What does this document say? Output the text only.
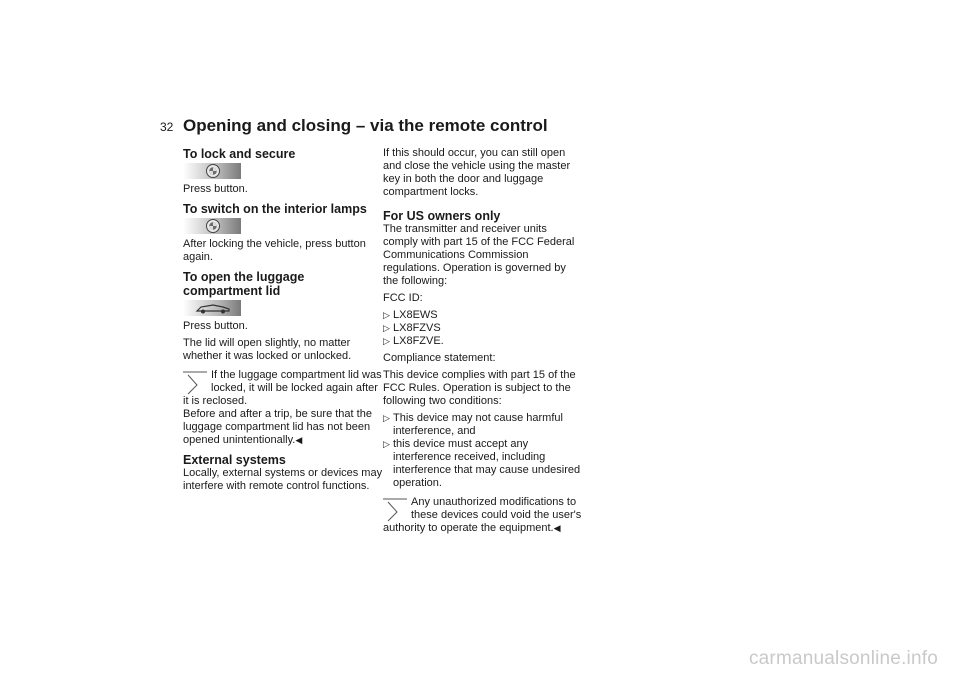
32 Opening and closing – via the remote control
To lock and secure

Press button.

To switch on the interior lamps

After locking the vehicle, press button again.

To open the luggage compartment lid

Press button.

The lid will open slightly, no matter whether it was locked or unlocked.

If the luggage compartment lid was locked, it will be locked again after it is reclosed.

Before and after a trip, be sure that the luggage compartment lid has not been opened unintentionally.◀

External systems

Locally, external systems or devices may interfere with remote control functions.

If this should occur, you can still open and close the vehicle using the master key in both the door and luggage compartment locks.

For US owners only

The transmitter and receiver units comply with part 15 of the FCC Federal Communications Commission regulations. Operation is governed by the following:

FCC ID:

▷ LX8EWS
▷ LX8FZVS
▷ LX8FZVE.

Compliance statement:

This device complies with part 15 of the FCC Rules. Operation is subject to the following two conditions:

▷ This device may not cause harmful interference, and
▷ this device must accept any interference received, including interference that may cause undesired operation.

Any unauthorized modifications to these devices could void the user's authority to operate the equipment.◀

carmanualsonline.info
